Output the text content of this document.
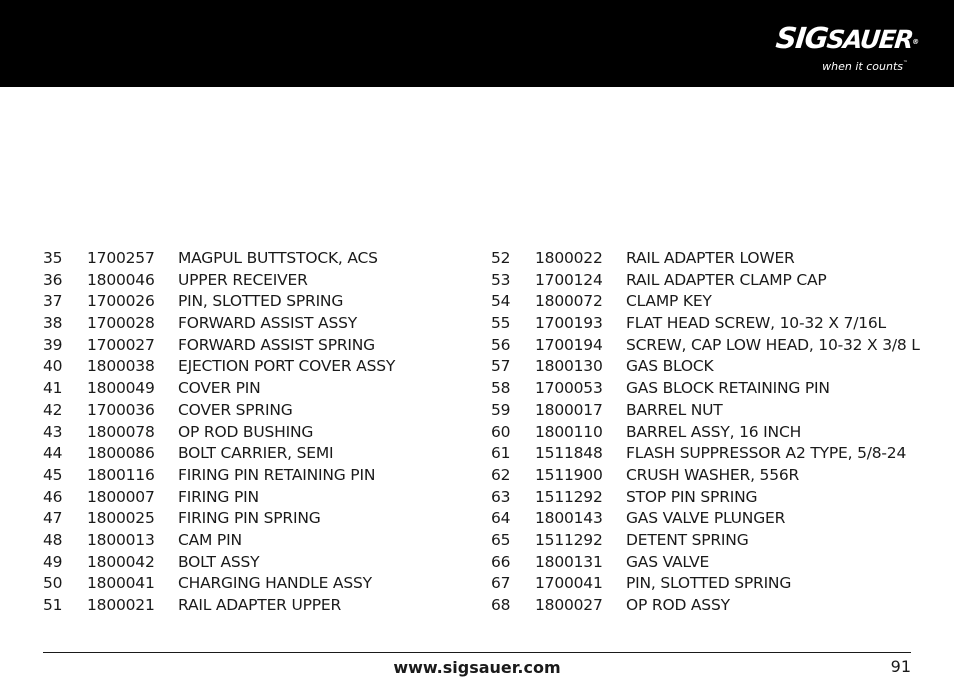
SIGSAUER®
when it counts™
35 1700257 MAGPUL BUTTSTOCK, ACS
36 1800046 UPPER RECEIVER
37 1700026 PIN, SLOTTED SPRING
38 1700028 FORWARD ASSIST ASSY
39 1700027 FORWARD ASSIST SPRING
40 1800038 EJECTION PORT COVER ASSY
41 1800049 COVER PIN
42 1700036 COVER SPRING
43 1800078 OP ROD BUSHING
44 1800086 BOLT CARRIER, SEMI
45 1800116 FIRING PIN RETAINING PIN
46 1800007 FIRING PIN
47 1800025 FIRING PIN SPRING
48 1800013 CAM PIN
49 1800042 BOLT ASSY
50 1800041 CHARGING HANDLE ASSY
51 1800021 RAIL ADAPTER UPPER
52 1800022 RAIL ADAPTER LOWER
53 1700124 RAIL ADAPTER CLAMP CAP
54 1800072 CLAMP KEY
55 1700193 FLAT HEAD SCREW, 10-32 X 7/16L
56 1700194 SCREW, CAP LOW HEAD, 10-32 X 3/8 L
57 1800130 GAS BLOCK
58 1700053 GAS BLOCK RETAINING PIN
59 1800017 BARREL NUT
60 1800110 BARREL ASSY, 16 INCH
61 1511848 FLASH SUPPRESSOR A2 TYPE, 5/8-24
62 1511900 CRUSH WASHER, 556R
63 1511292 STOP PIN SPRING
64 1800143 GAS VALVE PLUNGER
65 1511292 DETENT SPRING
66 1800131 GAS VALVE
67 1700041 PIN, SLOTTED SPRING
68 1800027 OP ROD ASSY
www.sigsauer.com	91
